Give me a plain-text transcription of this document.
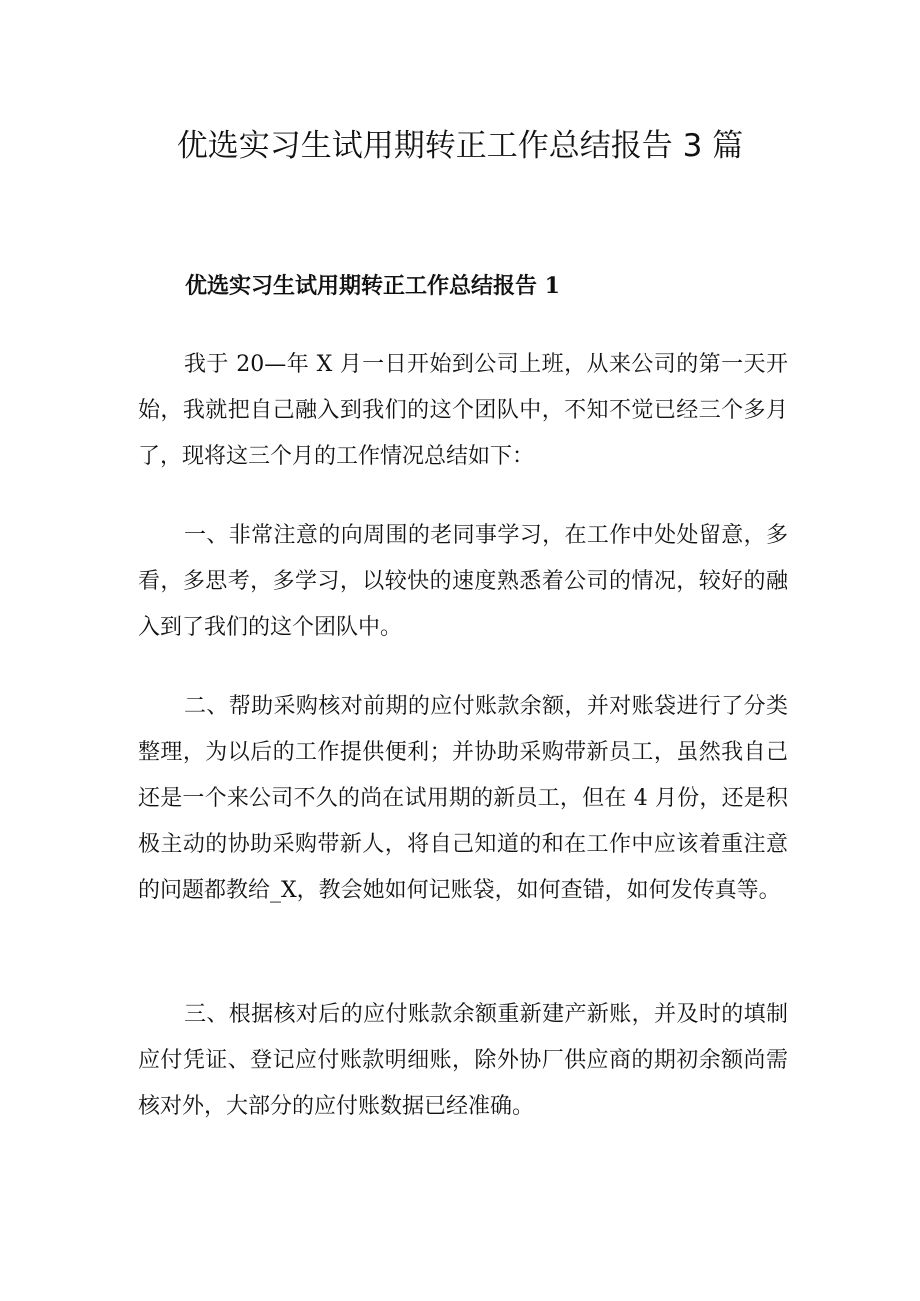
优选实习生试用期转正工作总结报告 3 篇
优选实习生试用期转正工作总结报告 1

我于 20—年 X 月一日开始到公司上班，从来公司的第一天开始，我就把自己融入到我们的这个团队中，不知不觉已经三个多月了，现将这三个月的工作情况总结如下：

一、非常注意的向周围的老同事学习，在工作中处处留意，多看，多思考，多学习，以较快的速度熟悉着公司的情况，较好的融入到了我们的这个团队中。

二、帮助采购核对前期的应付账款余额，并对账袋进行了分类整理，为以后的工作提供便利；并协助采购带新员工，虽然我自己还是一个来公司不久的尚在试用期的新员工，但在 4 月份，还是积极主动的协助采购带新人，将自己知道的和在工作中应该着重注意的问题都教给_X，教会她如何记账袋，如何查错，如何发传真等。

三、根据核对后的应付账款余额重新建产新账，并及时的填制应付凭证、登记应付账款明细账，除外协厂供应商的期初余额尚需核对外，大部分的应付账数据已经准确。
